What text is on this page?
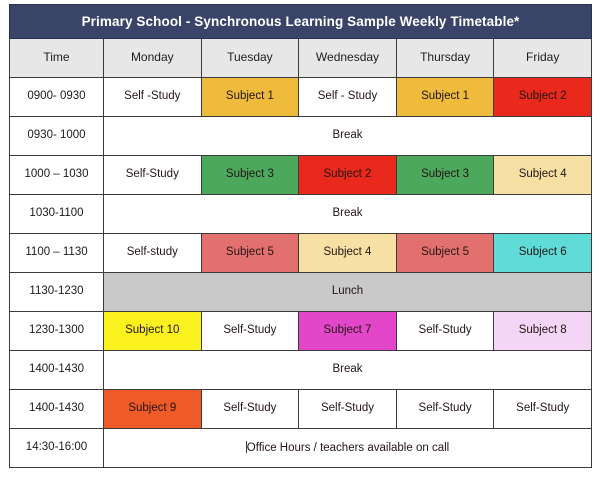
Primary School - Synchronous Learning Sample Weekly Timetable*					
Time	Monday	Tuesday	Wednesday	Thursday	Friday
0900- 0930	Self -Study	Subject 1	Self - Study	Subject 1	Subject 2
0930- 1000	Break				
1000 – 1030	Self-Study	Subject 3	Subject 2	Subject 3	Subject 4
1030-1100	Break				
1100 – 1130	Self-study	Subject 5	Subject 4	Subject 5	Subject 6
1130-1230	Lunch				
1230-1300	Subject 10	Self-Study	Subject 7	Self-Study	Subject 8
1400-1430	Break				
1400-1430	Subject 9	Self-Study	Self-Study	Self-Study	Self-Study
14:30-16:00	Office Hours / teachers available on call				
